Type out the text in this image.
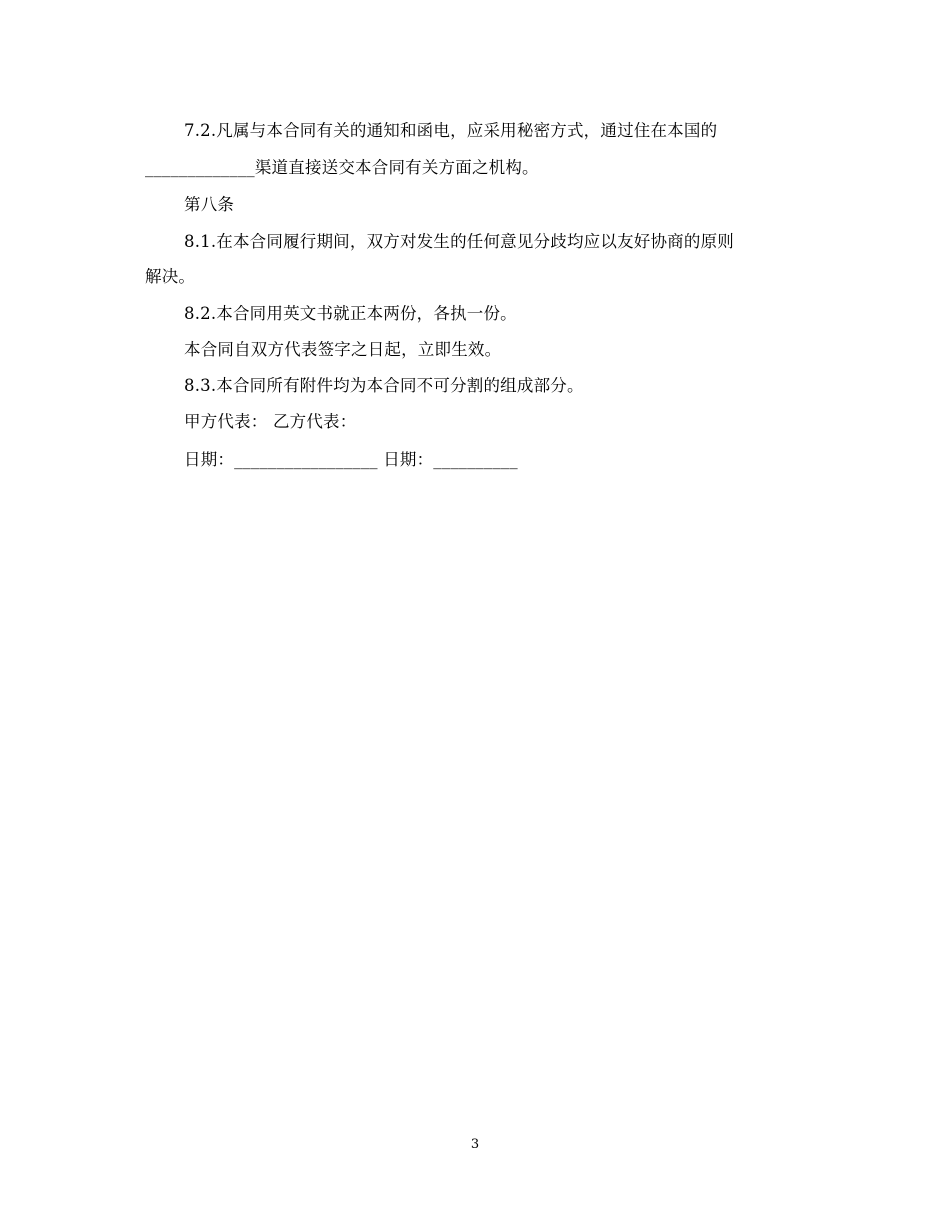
7.2.凡属与本合同有关的通知和函电，应采用秘密方式，通过住在本国的
_____________渠道直接送交本合同有关方面之机构。
第八条
8.1.在本合同履行期间，双方对发生的任何意见分歧均应以友好协商的原则
解决。
8.2.本合同用英文书就正本两份，各执一份。
本合同自双方代表签字之日起，立即生效。
8.3.本合同所有附件均为本合同不可分割的组成部分。
甲方代表： 乙方代表：
日期：_________________ 日期：__________
3
